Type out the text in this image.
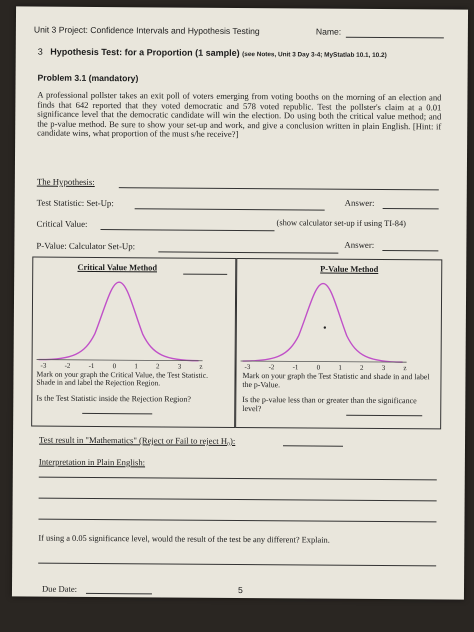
Unit 3 Project: Confidence Intervals and Hypothesis Testing	Name:
3 Hypothesis Test: for a Proportion (1 sample) (see Notes, Unit 3 Day 3-4; MyStatlab 10.1, 10.2)
Problem 3.1 (mandatory)
A professional pollster takes an exit poll of voters emerging from voting booths on the morning of an election and finds that 642 reported that they voted democratic and 578 voted republic. Test the pollster's claim at a 0.01 significance level that the democratic candidate will win the election. Do using both the critical value method; and the p-value method. Be sure to show your set-up and work, and give a conclusion written in plain English. [Hint: if candidate wins, what proportion of the must s/he receive?]
The Hypothesis:
Test Statistic: Set-Up:	Answer:
Critical Value:	(show calculator set-up if using TI-84)
P-Value: Calculator Set-Up:	Answer:
Critical Value Method
-3	-2	-1	0	1	2	3	z
Mark on your graph the Critical Value, the Test Statistic. Shade in and label the Rejection Region.
Is the Test Statistic inside the Rejection Region?
P-Value Method
-3	-2	-1	0	1	2	3	z
Mark on your graph the Test Statistic and shade in and label the p-Value.
Is the p-value less than or greater than the significance level?
Test result in "Mathematics" (Reject or Fail to reject H₀):
Interpretation in Plain English:
If using a 0.05 significance level, would the result of the test be any different? Explain.
Due Date:	5
